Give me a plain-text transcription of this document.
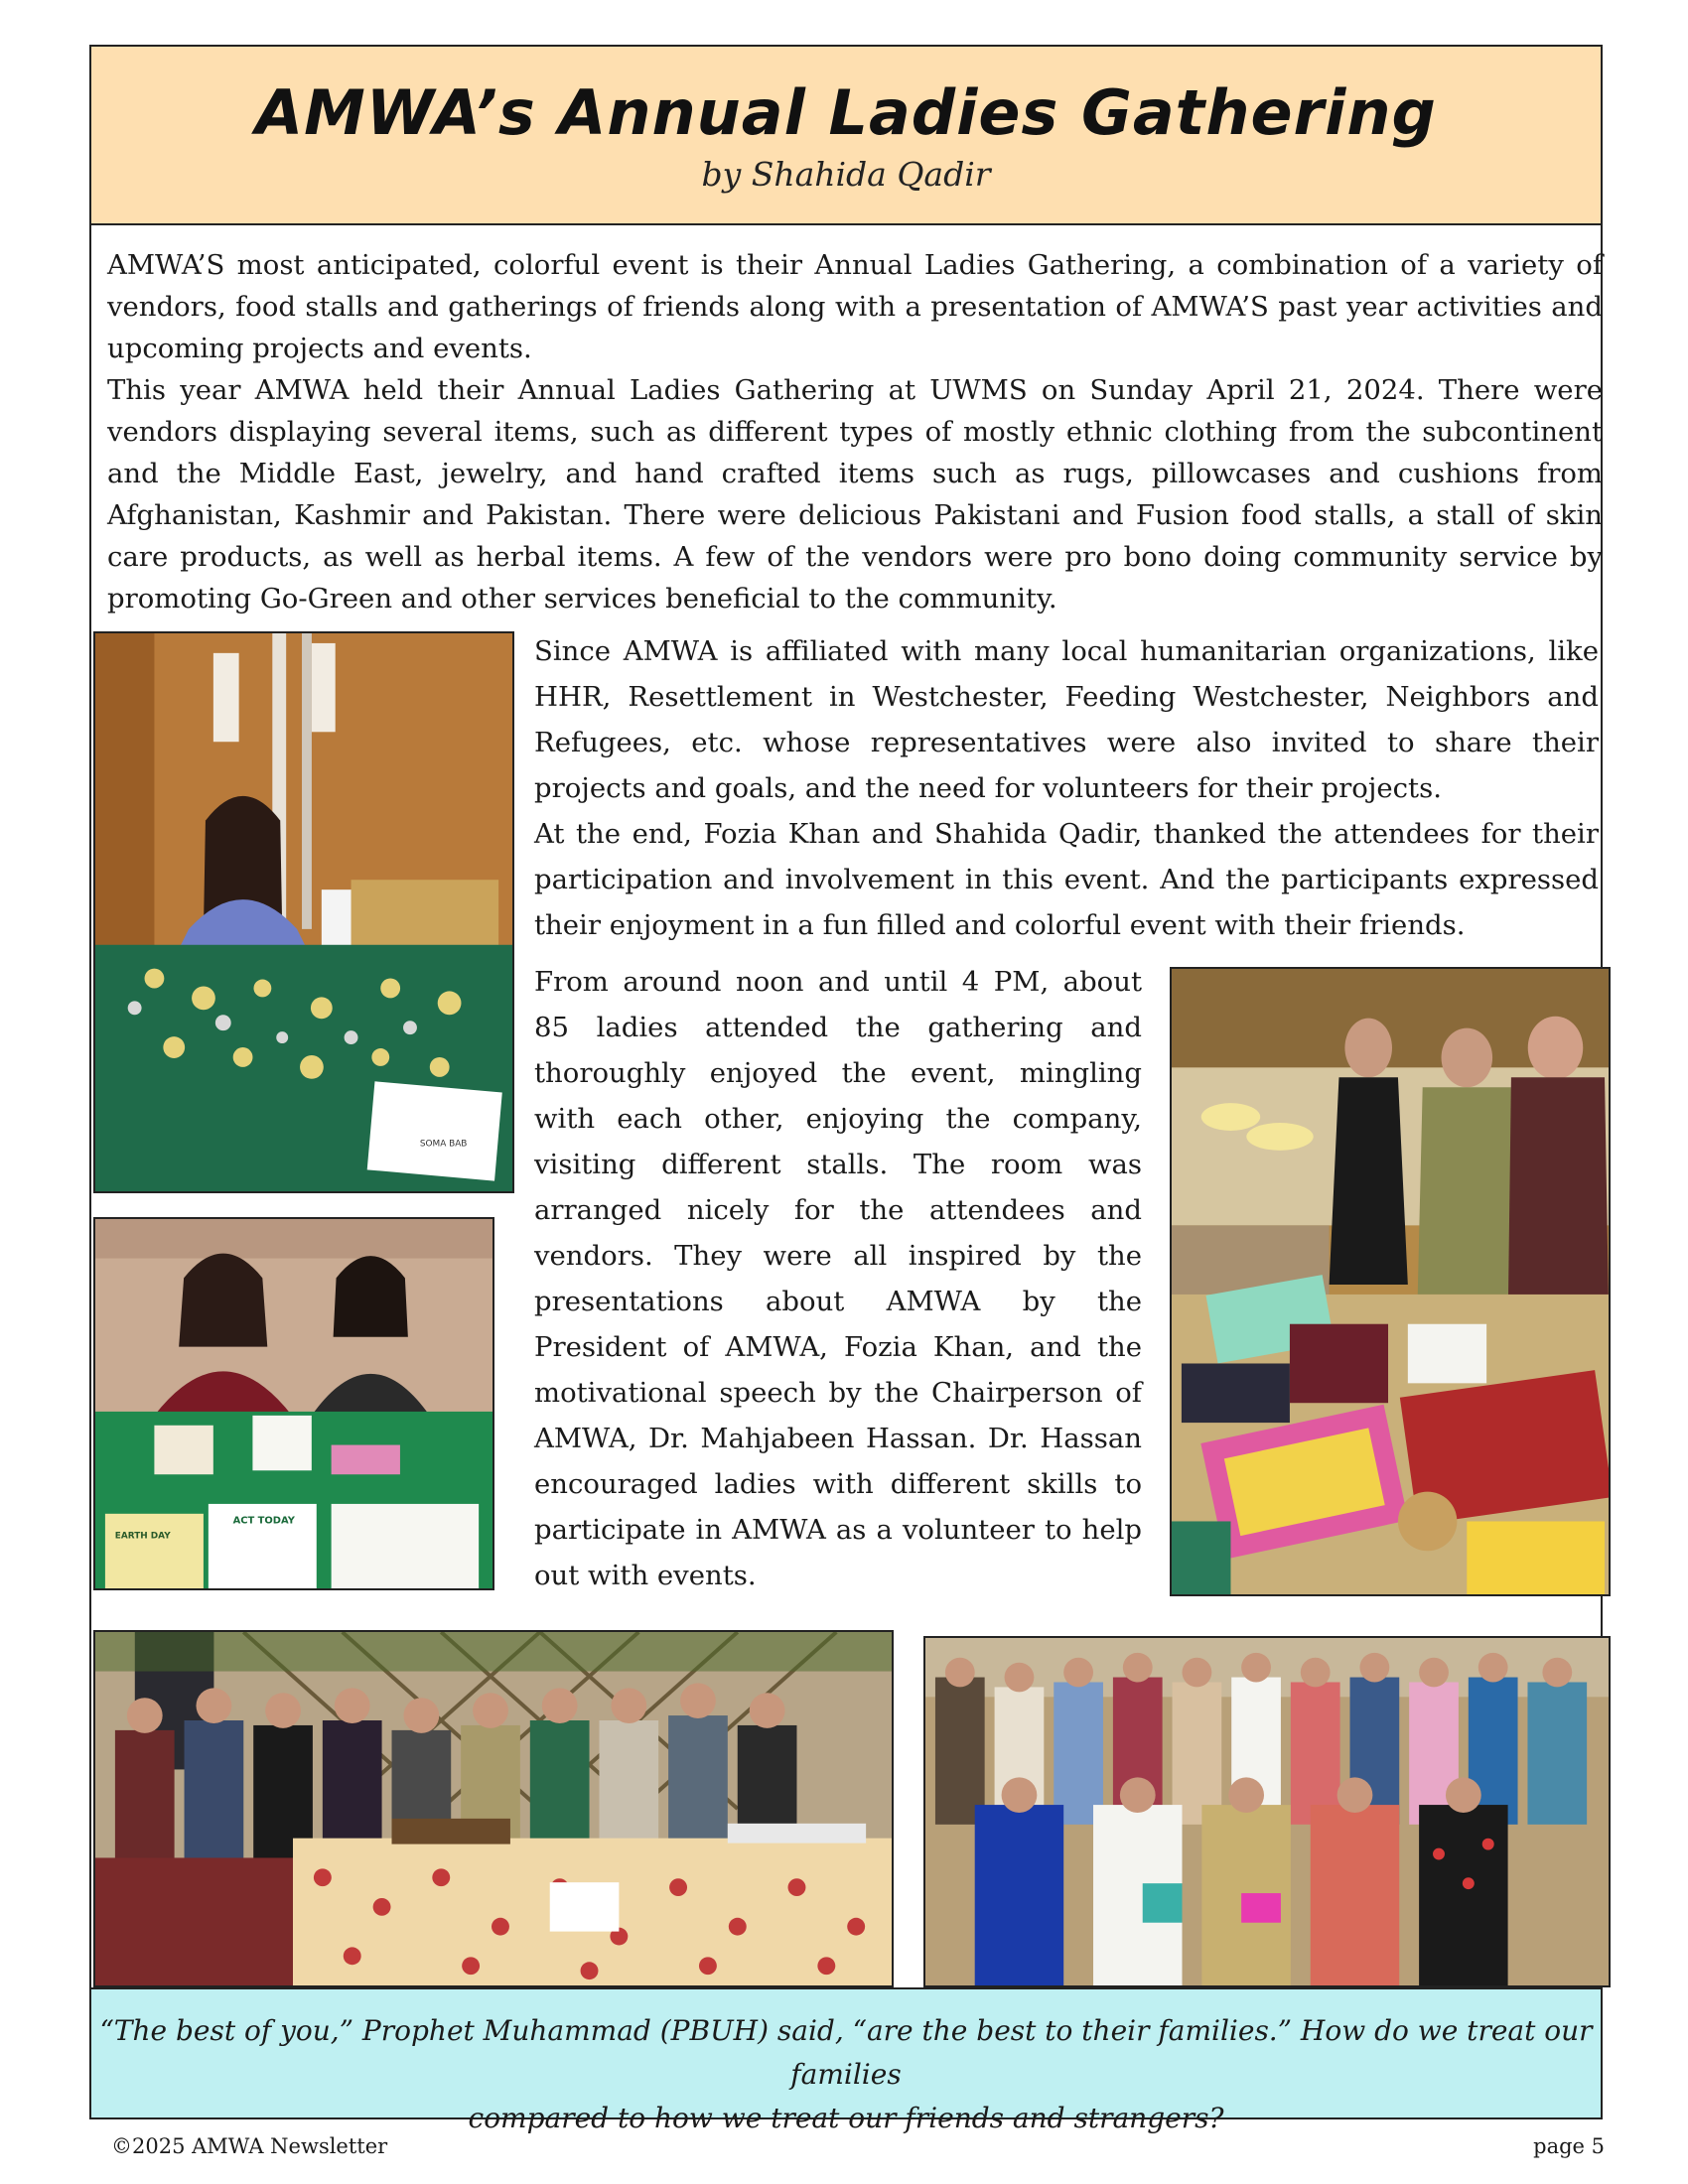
AMWA’s Annual Ladies Gathering
by Shahida Qadir

AMWA’S most anticipated, colorful event is their Annual Ladies Gathering, a combination of a variety of vendors, food stalls and gatherings of friends along with a presentation of AMWA’S past year activities and upcoming projects and events.

This year AMWA held their Annual Ladies Gathering at UWMS on Sunday April 21, 2024. There were vendors displaying several items, such as different types of mostly ethnic clothing from the subcontinent and the Middle East, jewelry, and hand crafted items such as rugs, pillowcases and cushions from Afghanistan, Kashmir and Pakistan. There were delicious Pakistani and Fusion food stalls, a stall of skin care products, as well as herbal items. A few of the vendors were pro bono doing community service by promoting Go-Green and other services beneficial to the community.

SOMA BAB
EARTH DAY
ACT TODAY

Since AMWA is affiliated with many local humanitarian organizations, like HHR, Resettlement in Westchester, Feeding Westchester, Neighbors and Refugees, etc. whose representatives were also invited to share their projects and goals, and the need for volunteers for their projects.

At the end, Fozia Khan and Shahida Qadir, thanked the attendees for their participation and involvement in this event. And the participants expressed their enjoyment in a fun filled and colorful event with their friends.

From around noon and until 4 PM, about 85 ladies attended the gathering and thoroughly enjoyed the event, mingling with each other, enjoying the company, visiting different stalls. The room was arranged nicely for the attendees and vendors. They were all inspired by the presentations about AMWA by the President of AMWA, Fozia Khan, and the motivational speech by the Chairperson of AMWA, Dr. Mahjabeen Hassan. Dr. Hassan encouraged ladies with different skills to participate in AMWA as a volunteer to help out with events.

“The best of you,” Prophet Muhammad (PBUH) said, “are the best to their families.” How do we treat our families
compared to how we treat our friends and strangers?
©2025 AMWA Newsletter	page 5
